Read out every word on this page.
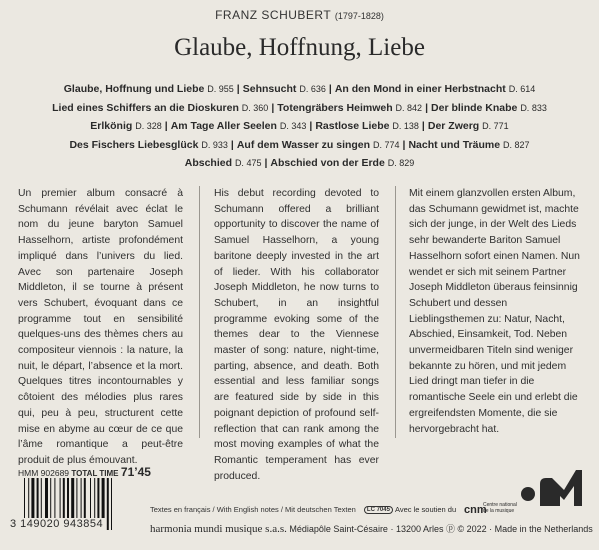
FRANZ SCHUBERT (1797-1828)
Glaube, Hoffnung, Liebe
Glaube, Hoffnung und Liebe D. 955 | Sehnsucht D. 636 | An den Mond in einer Herbstnacht D. 614
Lied eines Schiffers an die Dioskuren D. 360 | Totengräbers Heimweh D. 842 | Der blinde Knabe D. 833
Erlkönig D. 328 | Am Tage Aller Seelen D. 343 | Rastlose Liebe D. 138 | Der Zwerg D. 771
Des Fischers Liebesglück D. 933 | Auf dem Wasser zu singen D. 774 | Nacht und Träume D. 827
Abschied D. 475 | Abschied von der Erde D. 829
Un premier album consacré à Schumann révélait avec éclat le nom du jeune baryton Samuel Hasselhorn, artiste profondément impliqué dans l’univers du lied. Avec son partenaire Joseph Middleton, il se tourne à présent vers Schubert, évoquant dans ce programme tout en sensibilité quelques-uns des thèmes chers au compositeur viennois : la nature, la nuit, le départ, l’absence et la mort. Quelques titres incontournables y côtoient des mélodies plus rares qui, peu à peu, structurent cette mise en abyme au cœur de ce que l’âme romantique a peut-être produit de plus émouvant.
His debut recording devoted to Schumann offered a brilliant opportunity to discover the name of Samuel Hasselhorn, a young baritone deeply invested in the art of lieder. With his collaborator Joseph Middleton, he now turns to Schubert, in an insightful programme evoking some of the themes dear to the Viennese master of song: nature, night-time, parting, absence, and death. Both essential and less familiar songs are featured side by side in this poignant depiction of profound self-reflection that can rank among the most moving examples of what the Romantic temperament has ever produced.
Mit einem glanzvollen ersten Album, das Schumann gewidmet ist, machte sich der junge, in der Welt des Lieds sehr bewanderte Bariton Samuel Hasselhorn sofort einen Namen. Nun wendet er sich mit seinem Partner Joseph Middleton überaus feinsinnig Schubert und dessen Lieblingsthemen zu: Natur, Nacht, Abschied, Einsamkeit, Tod. Neben unvermeidbaren Titeln sind weniger bekannte zu hören, und mit jedem Lied dringt man tiefer in die romantische Seele ein und erlebt die ergreifendsten Momente, die sie hervorgebracht hat.
HMM 902689 TOTAL TIME 71’45
3 149020 943854
Textes en français / With English notes / Mit deutschen Texten LC 7045 Avec le soutien du cnm
Centre national de la musique
harmonia mundi musique s.a.s. Médiapôle Saint-Césaire · 13200 Arles ⓟ © 2022 · Made in the Netherlands
